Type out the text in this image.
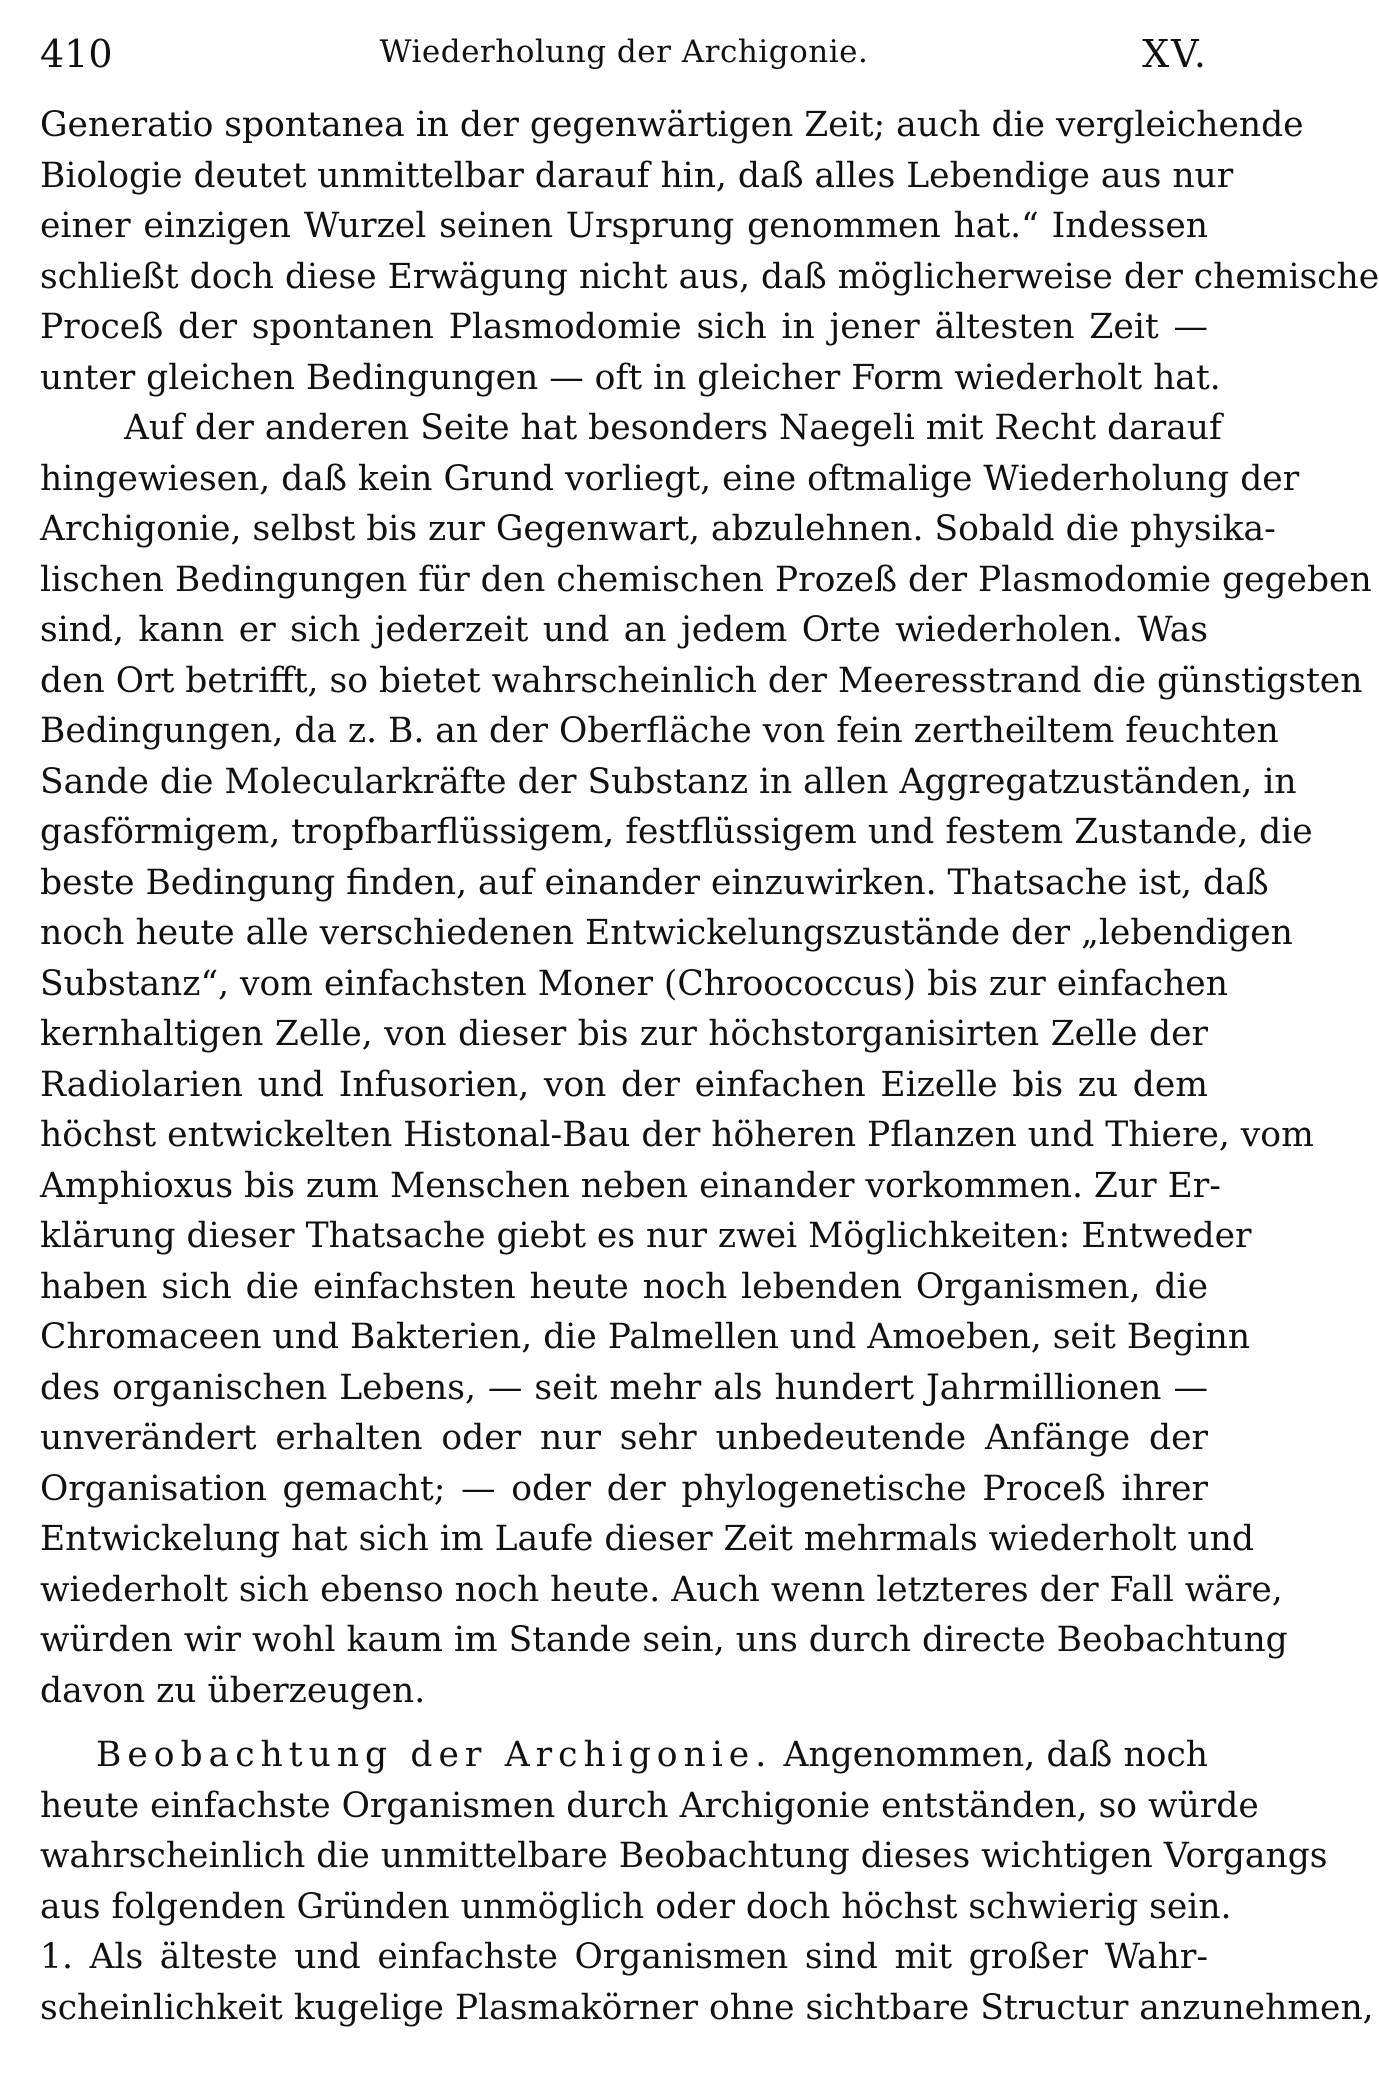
410	Wiederholung der Archigonie.	XV.
Generatio spontanea in der gegenwärtigen Zeit; auch die vergleichende
Biologie deutet unmittelbar darauf hin, daß alles Lebendige aus nur
einer einzigen Wurzel seinen Ursprung genommen hat.“ Indessen
schließt doch diese Erwägung nicht aus, daß möglicherweise der chemische
Proceß der spontanen Plasmodomie sich in jener ältesten Zeit —
unter gleichen Bedingungen — oft in gleicher Form wiederholt hat.
Auf der anderen Seite hat besonders Naegeli mit Recht darauf
hingewiesen, daß kein Grund vorliegt, eine oftmalige Wiederholung der
Archigonie, selbst bis zur Gegenwart, abzulehnen. Sobald die physika-
lischen Bedingungen für den chemischen Prozeß der Plasmodomie gegeben
sind, kann er sich jederzeit und an jedem Orte wiederholen. Was
den Ort betrifft, so bietet wahrscheinlich der Meeresstrand die günstigsten
Bedingungen, da z. B. an der Oberfläche von fein zertheiltem feuchten
Sande die Molecularkräfte der Substanz in allen Aggregatzuständen, in
gasförmigem, tropfbarflüssigem, festflüssigem und festem Zustande, die
beste Bedingung finden, auf einander einzuwirken. Thatsache ist, daß
noch heute alle verschiedenen Entwickelungszustände der „lebendigen
Substanz“, vom einfachsten Moner (Chroococcus) bis zur einfachen
kernhaltigen Zelle, von dieser bis zur höchstorganisirten Zelle der
Radiolarien und Infusorien, von der einfachen Eizelle bis zu dem
höchst entwickelten Histonal-Bau der höheren Pflanzen und Thiere, vom
Amphioxus bis zum Menschen neben einander vorkommen. Zur Er-
klärung dieser Thatsache giebt es nur zwei Möglichkeiten: Entweder
haben sich die einfachsten heute noch lebenden Organismen, die
Chromaceen und Bakterien, die Palmellen und Amoeben, seit Beginn
des organischen Lebens, — seit mehr als hundert Jahrmillionen —
unverändert erhalten oder nur sehr unbedeutende Anfänge der
Organisation gemacht; — oder der phylogenetische Proceß ihrer
Entwickelung hat sich im Laufe dieser Zeit mehrmals wiederholt und
wiederholt sich ebenso noch heute. Auch wenn letzteres der Fall wäre,
würden wir wohl kaum im Stande sein, uns durch directe Beobachtung
davon zu überzeugen.
Beobachtung der Archigonie. Angenommen, daß noch
heute einfachste Organismen durch Archigonie entständen, so würde
wahrscheinlich die unmittelbare Beobachtung dieses wichtigen Vorgangs
aus folgenden Gründen unmöglich oder doch höchst schwierig sein.
1. Als älteste und einfachste Organismen sind mit großer Wahr-
scheinlichkeit kugelige Plasmakörner ohne sichtbare Structur anzunehmen,
